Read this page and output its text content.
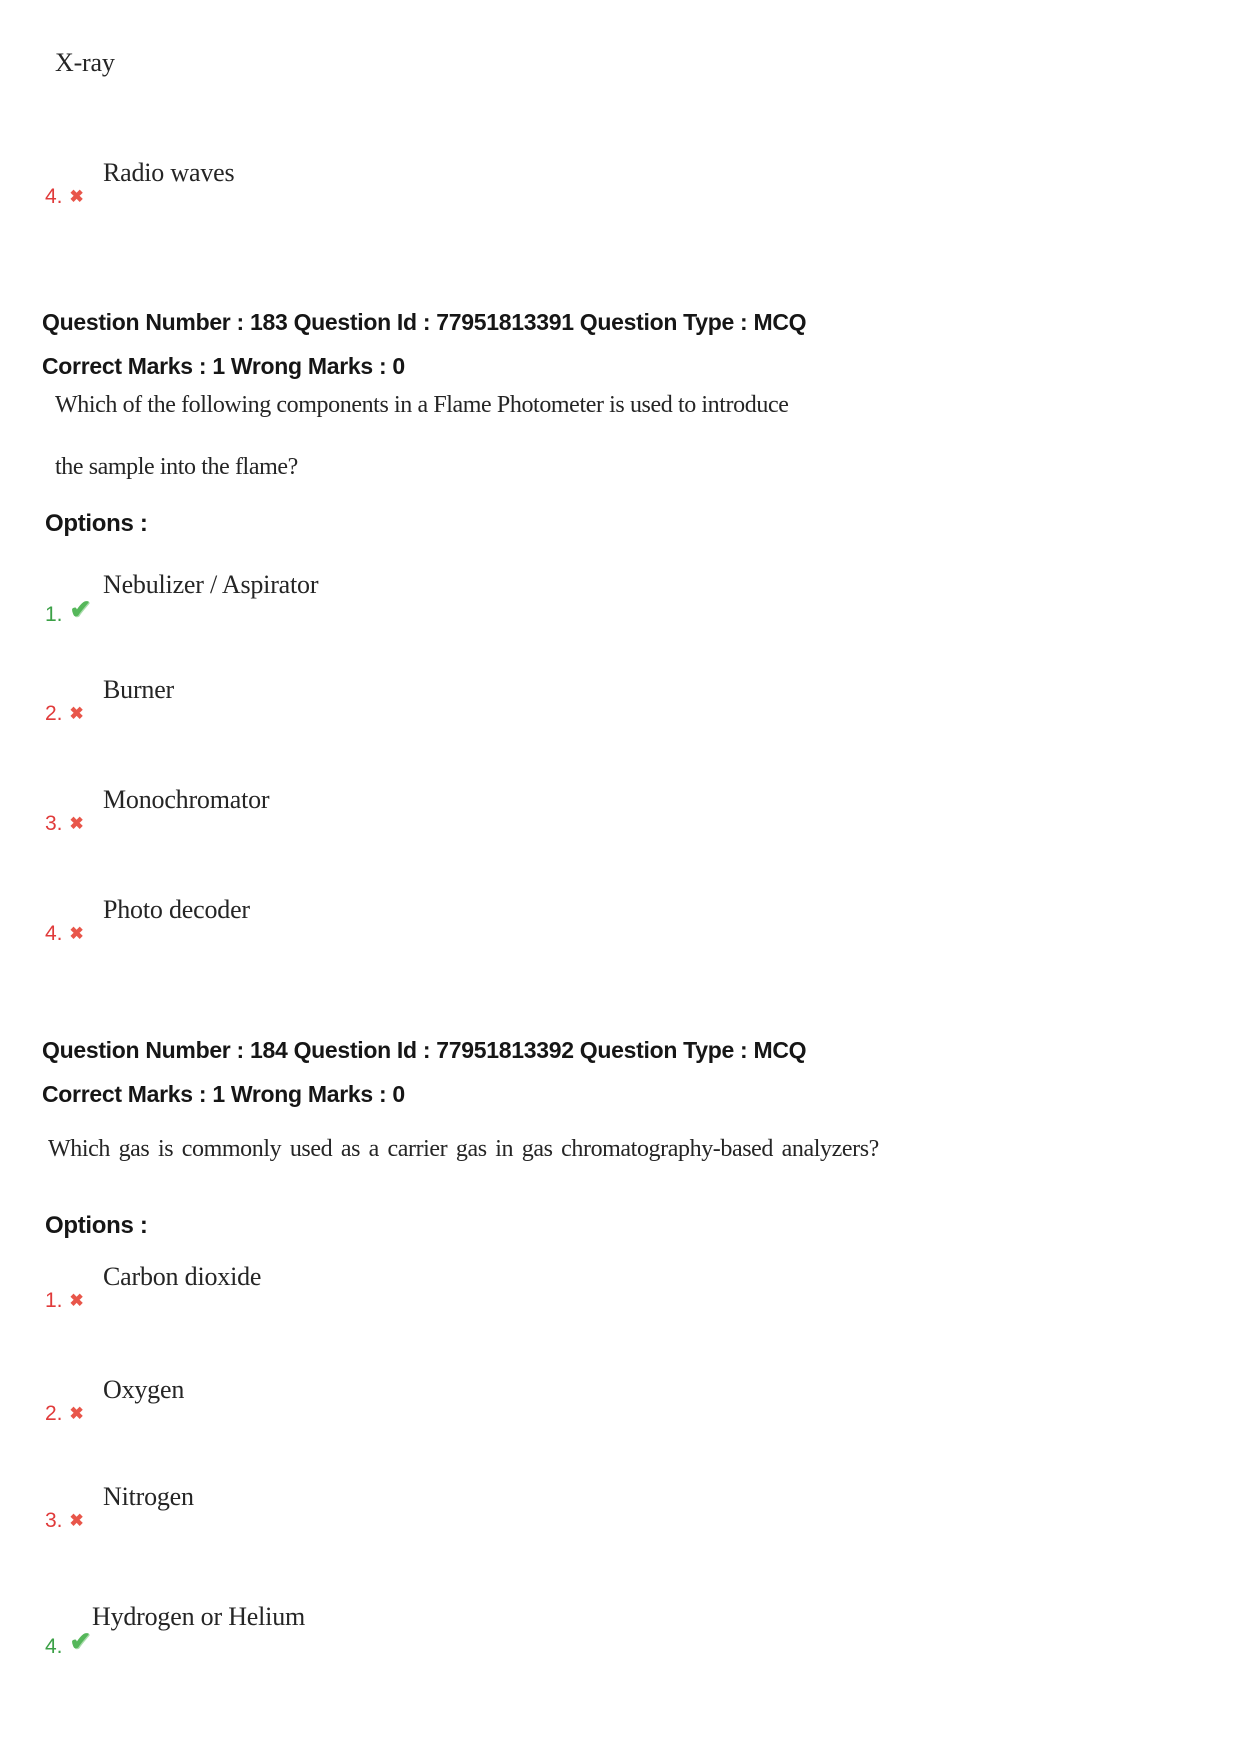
X-ray
4. ✖
Radio waves
Question Number : 183 Question Id : 77951813391 Question Type : MCQ
Correct Marks : 1 Wrong Marks : 0
Which of the following components in a Flame Photometer is used to introduce
the sample into the flame?
Options :
1. ✔
Nebulizer / Aspirator
2. ✖
Burner
3. ✖
Monochromator
4. ✖
Photo decoder
Question Number : 184 Question Id : 77951813392 Question Type : MCQ
Correct Marks : 1 Wrong Marks : 0
Which gas is commonly used as a carrier gas in gas chromatography-based analyzers?
Options :
1. ✖
Carbon dioxide
2. ✖
Oxygen
3. ✖
Nitrogen
4. ✔
Hydrogen or Helium
